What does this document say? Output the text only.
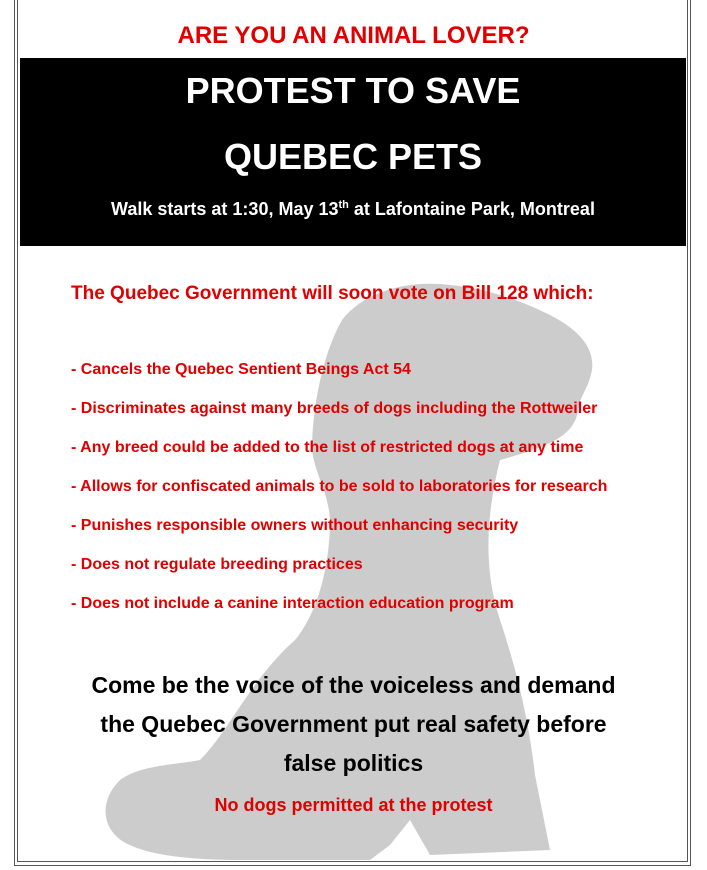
ARE YOU AN ANIMAL LOVER?
PROTEST TO SAVE
QUEBEC PETS
Walk starts at 1:30, May 13th at Lafontaine Park, Montreal
The Quebec Government will soon vote on Bill 128 which:
- Cancels the Quebec Sentient Beings Act 54
- Discriminates against many breeds of dogs including the Rottweiler
- Any breed could be added to the list of restricted dogs at any time
- Allows for confiscated animals to be sold to laboratories for research
- Punishes responsible owners without enhancing security
- Does not regulate breeding practices
- Does not include a canine interaction education program
Come be the voice of the voiceless and demand
the Quebec Government put real safety before
false politics
No dogs permitted at the protest
